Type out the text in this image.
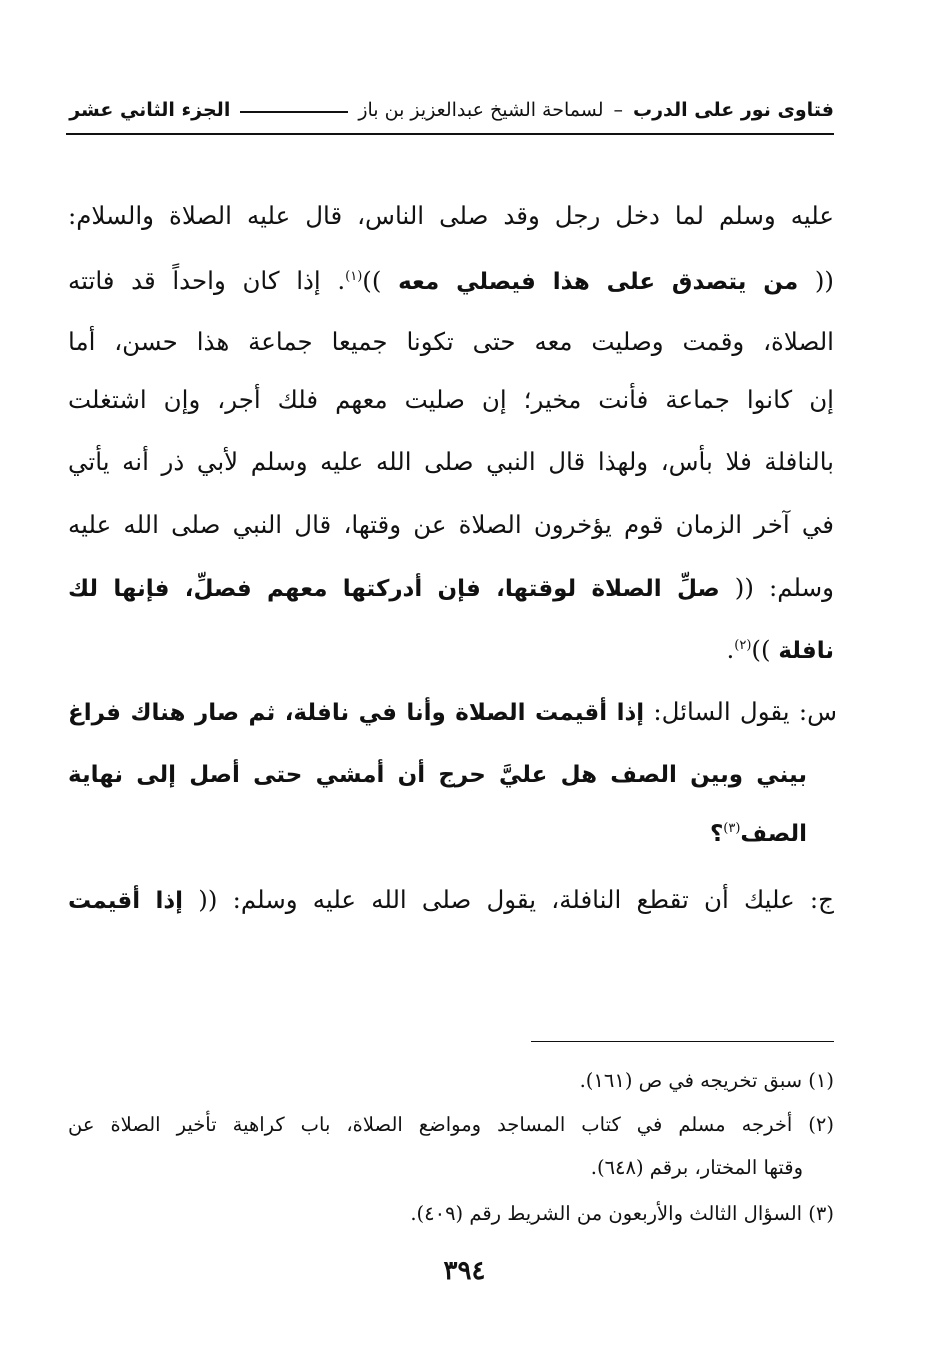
فتاوى نور على الدرب
–
لسماحة الشيخ عبدالعزيز بن باز
الجزء الثاني عشر
عليه وسلم لما دخل رجل وقد صلى الناس، قال عليه الصلاة والسلام:
(( من يتصدق على هذا فيصلي معه ))$^{(١)}$. إذا كان واحداً قد فاتته
الصلاة، وقمت وصليت معه حتى تكونا جميعا جماعة هذا حسن، أما
إن كانوا جماعة فأنت مخير؛ إن صليت معهم فلك أجر، وإن اشتغلت
بالنافلة فلا بأس، ولهذا قال النبي صلى الله عليه وسلم لأبي ذر أنه يأتي
في آخر الزمان قوم يؤخرون الصلاة عن وقتها، قال النبي صلى الله عليه
وسلم: (( صلِّ الصلاة لوقتها، فإن أدركتها معهم فصلِّ، فإنها لك
نافلة ))$^{(٢)}$.
س: يقول السائل: إذا أقيمت الصلاة وأنا في نافلة، ثم صار هناك فراغ
بيني وبين الصف هل عليَّ حرج أن أمشي حتى أصل إلى نهاية
الصف$^{(٣)}$؟
ج: عليك أن تقطع النافلة، يقول صلى الله عليه وسلم: (( إذا أقيمت
(١) سبق تخريجه في ص (١٦١).
(٢) أخرجه مسلم في كتاب المساجد ومواضع الصلاة، باب كراهية تأخير الصلاة عن
وقتها المختار، برقم (٦٤٨).
(٣) السؤال الثالث والأربعون من الشريط رقم (٤٠٩).
٣٩٤
